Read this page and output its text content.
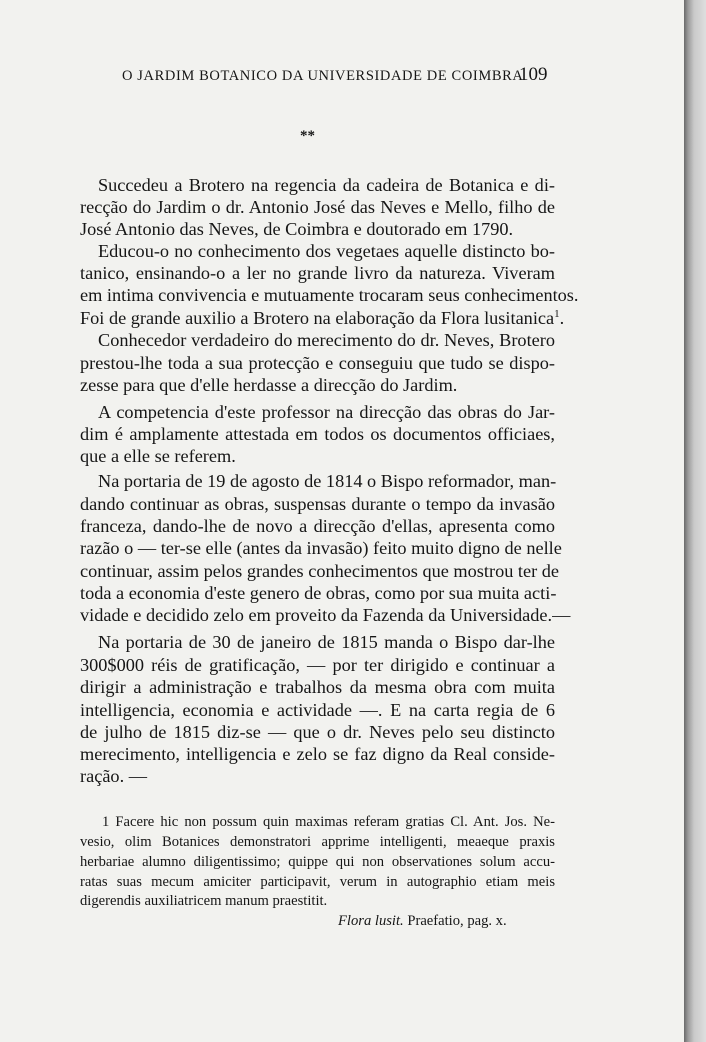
O JARDIM BOTANICO DA UNIVERSIDADE DE COIMBRA
109
**
Succedeu a Brotero na regencia da cadeira de Botanica e di-
recção do Jardim o dr. Antonio José das Neves e Mello, filho de
José Antonio das Neves, de Coimbra e doutorado em 1790.
Educou-o no conhecimento dos vegetaes aquelle distincto bo-
tanico, ensinando-o a ler no grande livro da natureza. Viveram
em intima convivencia e mutuamente trocaram seus conhecimentos.
Foi de grande auxilio a Brotero na elaboração da Flora lusitanica$^1$.
Conhecedor verdadeiro do merecimento do dr. Neves, Brotero
prestou-lhe toda a sua protecção e conseguiu que tudo se dispo-
zesse para que d'elle herdasse a direcção do Jardim.
A competencia d'este professor na direcção das obras do Jar-
dim é amplamente attestada em todos os documentos officiaes,
que a elle se referem.
Na portaria de 19 de agosto de 1814 o Bispo reformador, man-
dando continuar as obras, suspensas durante o tempo da invasão
franceza, dando-lhe de novo a direcção d'ellas, apresenta como
razão o — ter-se elle (antes da invasão) feito muito digno de nelle
continuar, assim pelos grandes conhecimentos que mostrou ter de
toda a economia d'este genero de obras, como por sua muita acti-
vidade e decidido zelo em proveito da Fazenda da Universidade.—
Na portaria de 30 de janeiro de 1815 manda o Bispo dar-lhe
300$000 réis de gratificação, — por ter dirigido e continuar a
dirigir a administração e trabalhos da mesma obra com muita
intelligencia, economia e actividade —. E na carta regia de 6
de julho de 1815 diz-se — que o dr. Neves pelo seu distincto
merecimento, intelligencia e zelo se faz digno da Real conside-
ração. —
1 Facere hic non possum quin maximas referam gratias Cl. Ant. Jos. Ne-
vesio, olim Botanices demonstratori apprime intelligenti, meaeque praxis
herbariae alumno diligentissimo; quippe qui non observationes solum accu-
ratas suas mecum amiciter participavit, verum in autographio etiam meis
digerendis auxiliatricem manum praestitit.
Flora lusit. Praefatio, pag. x.
